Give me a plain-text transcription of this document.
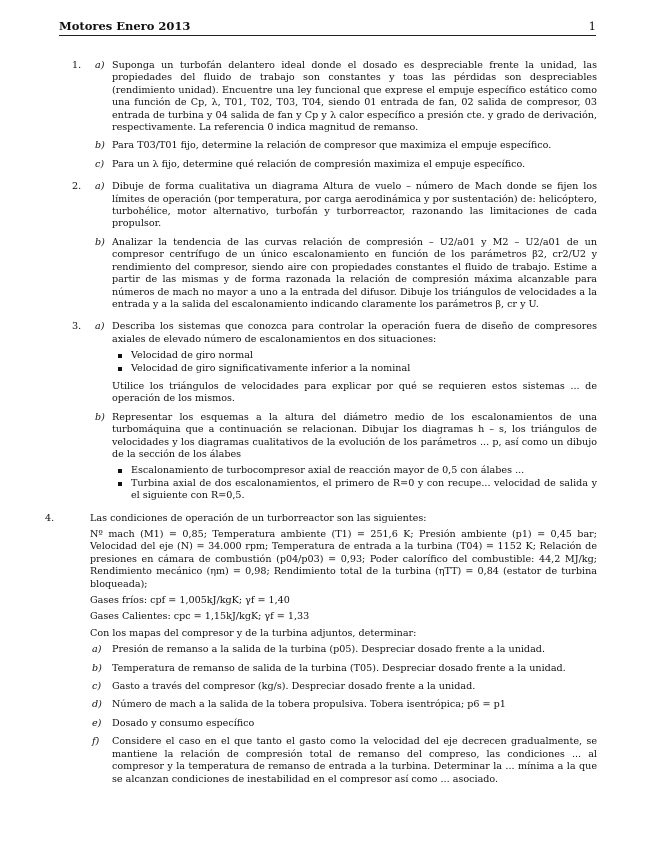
Motores Enero 2013	1
1. a) Suponga un turbofán delantero ideal donde el dosado es despreciable frente la unidad, las propiedades del fluido de trabajo son constantes y toas las pérdidas son despreciables (rendimiento unidad). Encuentre una ley funcional que exprese el empuje específico estático como una función de Cp, λ, T01, T02, T03, T04, siendo 01 entrada de fan, 02 salida de compresor, 03 entrada de turbina y 04 salida de fan y Cp y λ calor específico a presión cte. y grado de derivación, respectivamente. La referencia 0 indica magnitud de remanso.
b) Para T03/T01 fijo, determine la relación de compresor que maximiza el empuje específico.
c) Para un λ fijo, determine qué relación de compresión maximiza el empuje específico.
2. a) Dibuje de forma cualitativa un diagrama Altura de vuelo – número de Mach donde se fijen los límites de operación (por temperatura, por carga aerodinámica y por sustentación) de: helicóptero, turbohélice, motor alternativo, turbofán y turborreactor, razonando las limitaciones de cada propulsor.
b) Analizar la tendencia de las curvas relación de compresión – U2/a01 y M2 – U2/a01 de un compresor centrífugo de un único escalonamiento en función de los parámetros β2, cr2/U2 y rendimiento del compresor, siendo aire con propiedades constantes el fluido de trabajo. Estime a partir de las mismas y de forma razonada la relación de compresión máxima alcanzable para números de mach no mayor a uno a la entrada del difusor. Dibuje los triángulos de velocidades a la entrada y a la salida del escalonamiento indicando claramente los parámetros β, cr y U.
3. a) Describa los sistemas que conozca para controlar la operación fuera de diseño de compresores axiales de elevado número de escalonamientos en dos situaciones:
Velocidad de giro normal
Velocidad de giro significativamente inferior a la nominal
Utilice los triángulos de velocidades para explicar por qué se requieren estos sistemas ... de operación de los mismos.
b) Representar los esquemas a la altura del diámetro medio de los escalonamientos de una turbomáquina que a continuación se relacionan. Dibujar los diagramas h – s, los triángulos de velocidades y los diagramas cualitativos de la evolución de los parámetros ... p, así como un dibujo de la sección de los álabes
Escalonamiento de turbocompresor axial de reacción mayor de 0,5 con álabes ...
Turbina axial de dos escalonamientos, el primero de R=0 y con recupe... velocidad de salida y el siguiente con R=0,5.
4.	Las condiciones de operación de un turborreactor son las siguientes:
Nº mach (M1) = 0,85; Temperatura ambiente (T1) = 251,6 K; Presión ambiente (p1) = 0,45 bar; Velocidad del eje (N) = 34.000 rpm; Temperatura de entrada a la turbina (T04) = 1152 K; Relación de presiones en cámara de combustión (p04/p03) = 0,93; Poder calorífico del combustible: 44,2 MJ/kg; Rendimiento mecánico (ηm) = 0,98; Rendimiento total de la turbina (ηTT) = 0,84 (estator de turbina bloqueada);
Gases fríos: cpf = 1,005kJ/kgK; γf = 1,40
Gases Calientes: cpc = 1,15kJ/kgK; γf = 1,33
Con los mapas del compresor y de la turbina adjuntos, determinar:
a) Presión de remanso a la salida de la turbina (p05). Despreciar dosado frente a la unidad.
b) Temperatura de remanso de salida de la turbina (T05). Despreciar dosado frente a la unidad.
c) Gasto a través del compresor (kg/s). Despreciar dosado frente a la unidad.
d) Número de mach a la salida de la tobera propulsiva. Tobera isentrópica; p6 = p1
e) Dosado y consumo específico
f) Considere el caso en el que tanto el gasto como la velocidad del eje decrecen gradualmente, se mantiene la relación de compresión total de remanso del compreso, las condiciones ... al compresor y la temperatura de remanso de entrada a la turbina. Determinar la ... mínima a la que se alcanzan condiciones de inestabilidad en el compresor así como ... asociado.
